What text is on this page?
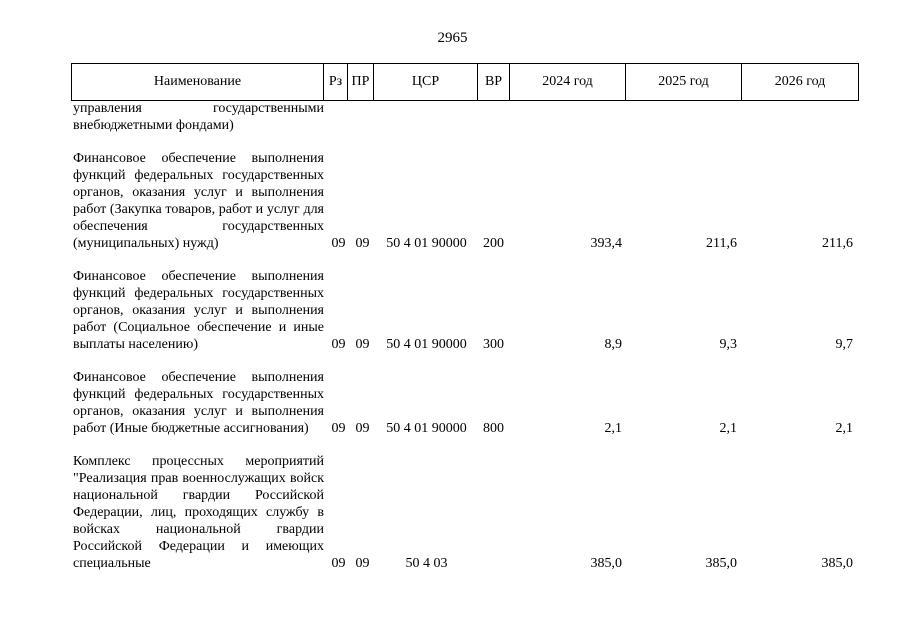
2965
Наименование	Рз	ПР	ЦСР	ВР	2024 год	2025 год	2026 год
управления государственными внебюджетными фондами)							
Финансовое обеспечение выполнения функций федеральных государственных органов, оказания услуг и выполнения работ (Закупка товаров, работ и услуг для обеспечения государственных (муниципальных) нужд)	09	09	50 4 01 90000	200	393,4	211,6	211,6
Финансовое обеспечение выполнения функций федеральных государственных органов, оказания услуг и выполнения работ (Социальное обеспечение и иные выплаты населению)	09	09	50 4 01 90000	300	8,9	9,3	9,7
Финансовое обеспечение выполнения функций федеральных государственных органов, оказания услуг и выполнения работ (Иные бюджетные ассигнования)	09	09	50 4 01 90000	800	2,1	2,1	2,1
Комплекс процессных мероприятий "Реализация прав военнослужащих войск национальной гвардии Российской Федерации, лиц, проходящих службу в войсках национальной гвардии Российской Федерации и имеющих специальные	09	09	50 4 03		385,0	385,0	385,0
